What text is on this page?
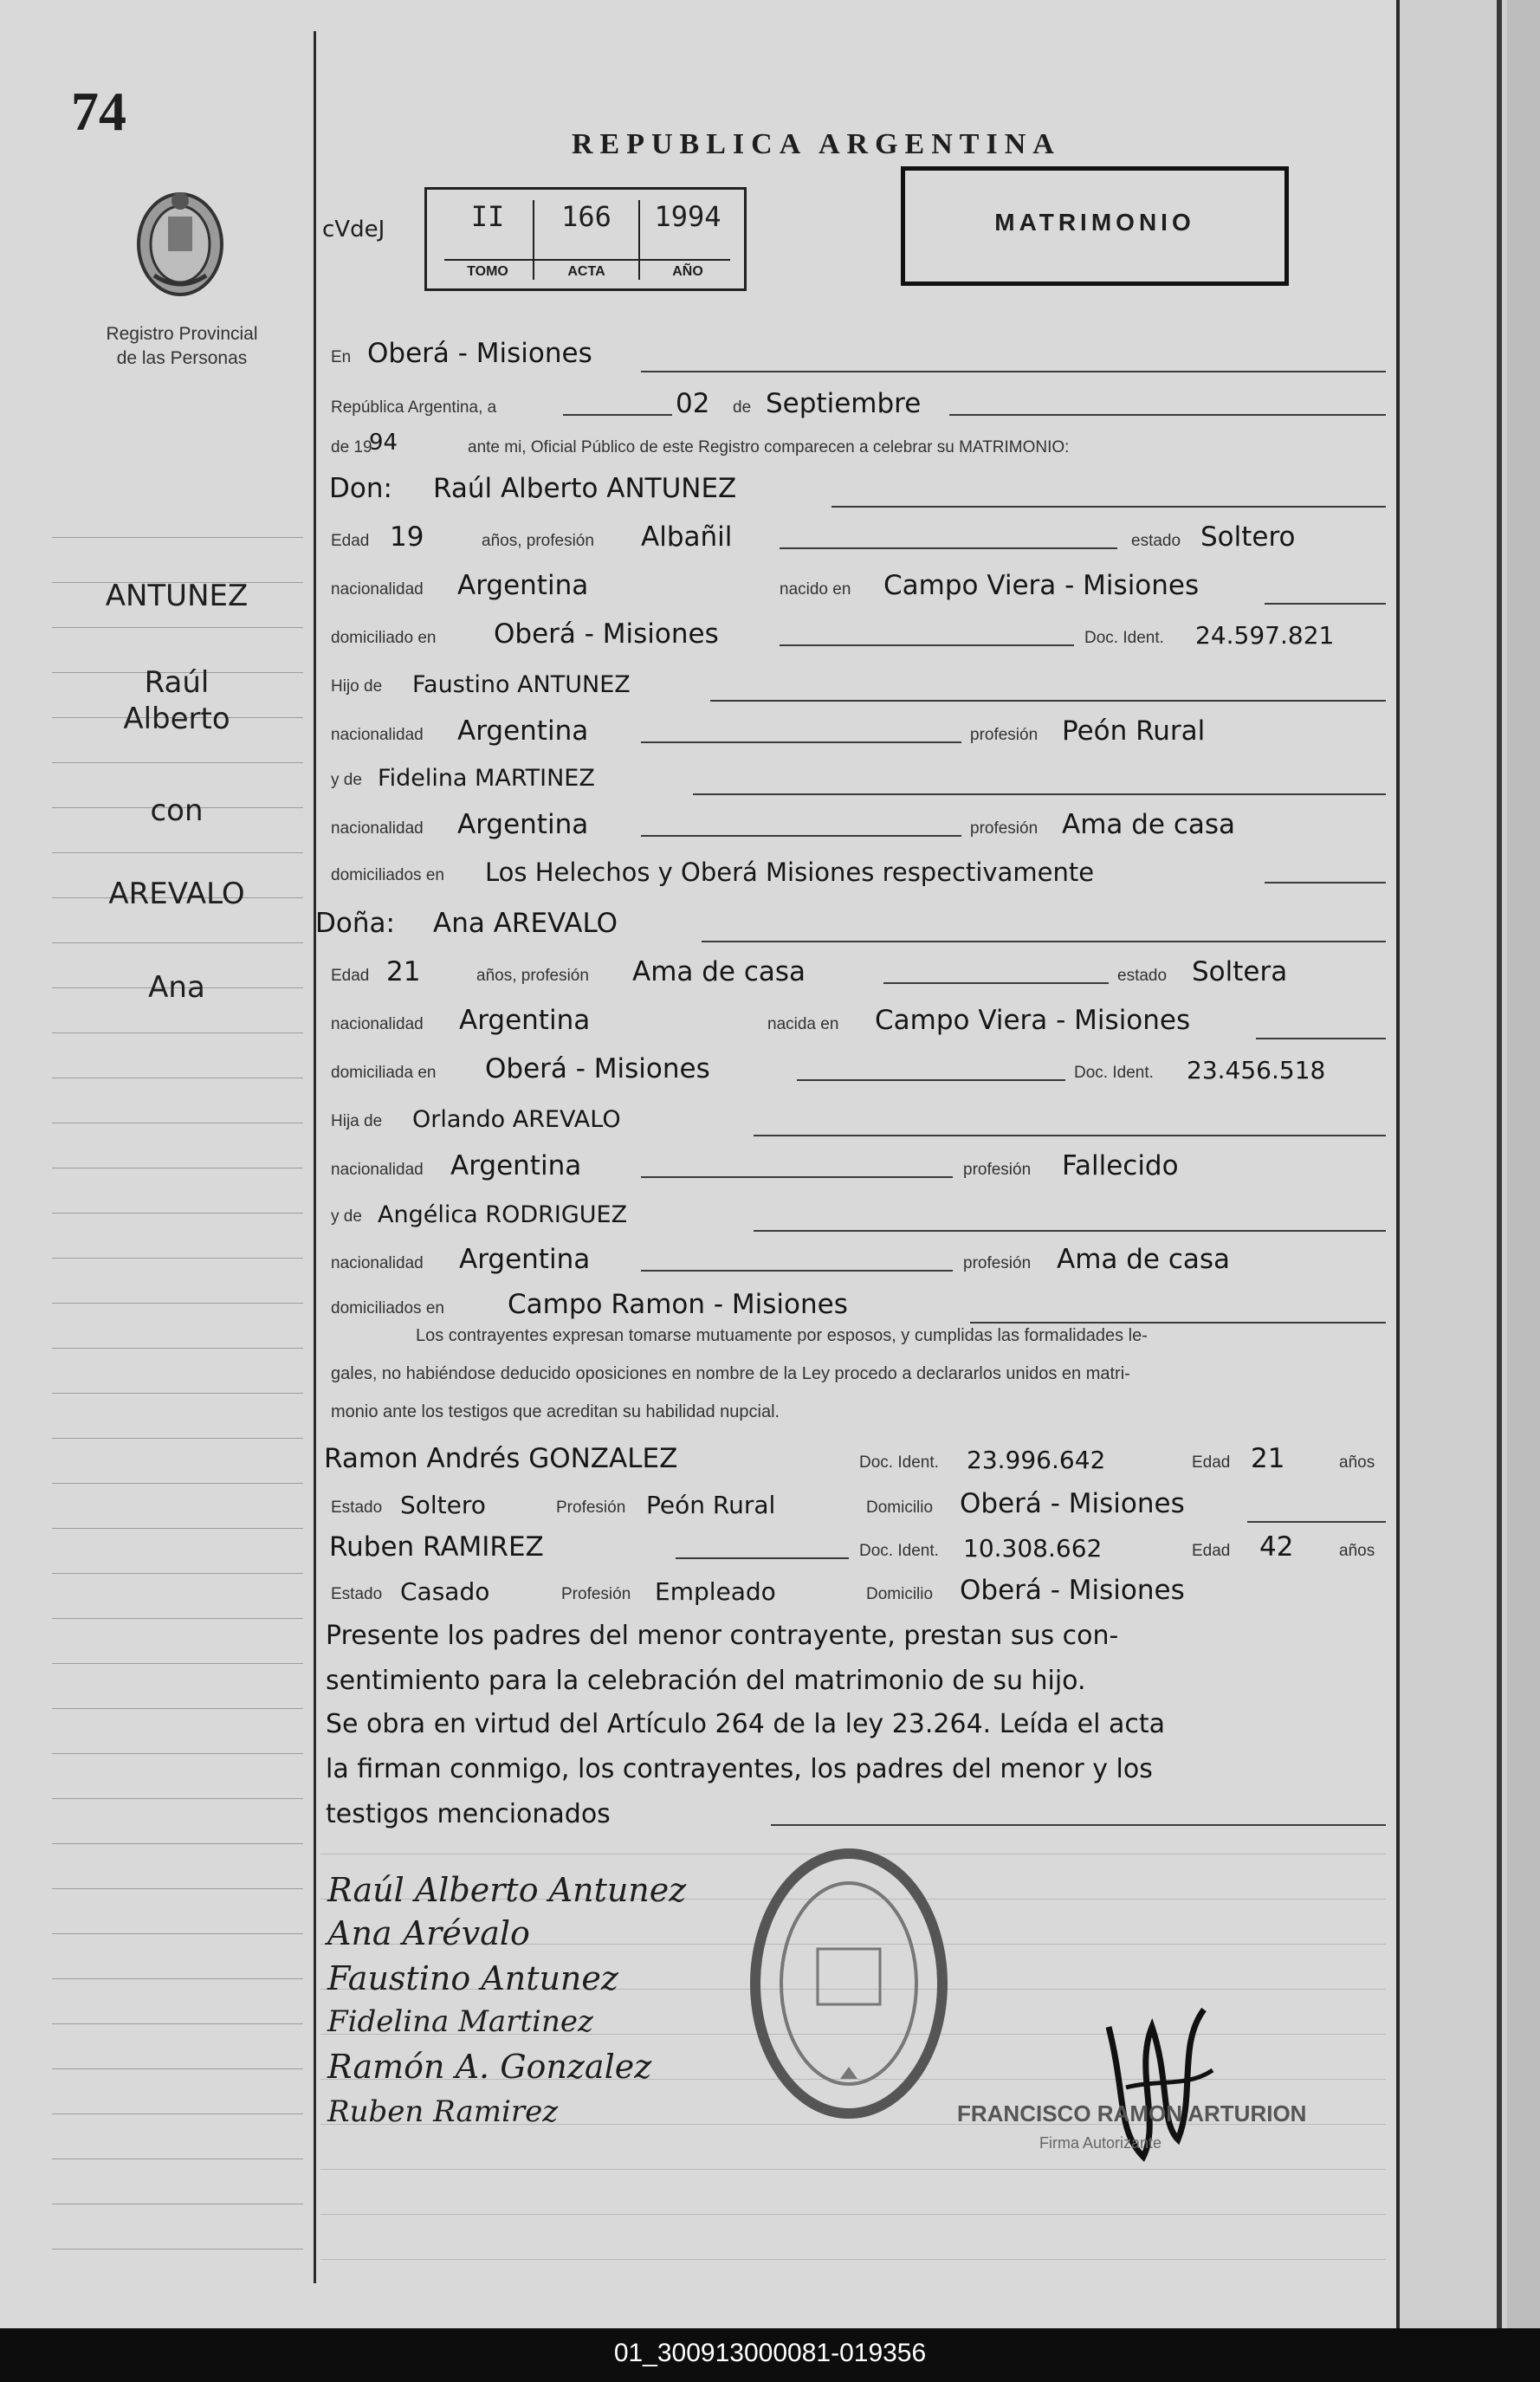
74
Registro Provincial
de las Personas
REPUBLICA ARGENTINA
cVdeJ	II	166	1994
TOMO	ACTA	AÑO
MATRIMONIO
ANTUNEZ
Raúl
Alberto
con
AREVALO
Ana
En Oberá - Misiones
República Argentina, a	02 de Septiembre
de 19
94	ante mi, Oficial Público de este Registro comparecen a celebrar su MATRIMONIO:
Don: Raúl Alberto ANTUNEZ
Edad 19	años, profesión Albañil	estado Soltero
nacionalidad Argentina	nacido en Campo Viera - Misiones
domiciliado en Oberá - Misiones	Doc. Ident. 24.597.821
Hijo de Faustino ANTUNEZ
nacionalidad Argentina	profesión Peón Rural
y de Fidelina MARTINEZ
nacionalidad Argentina	profesión Ama de casa
domiciliados en Los Helechos y Oberá Misiones respectivamente
Doña: Ana AREVALO
Edad 21	años, profesión Ama de casa	estado Soltera
nacionalidad Argentina	nacida en Campo Viera - Misiones
domiciliada en Oberá - Misiones	Doc. Ident. 23.456.518
Hija de Orlando AREVALO
nacionalidad Argentina	profesión Fallecido
y de Angélica RODRIGUEZ
nacionalidad Argentina	profesión Ama de casa
domiciliados en Campo Ramon - Misiones
Los contrayentes expresan tomarse mutuamente por esposos, y cumplidas las formalidades le-
gales, no habiéndose deducido oposiciones en nombre de la Ley procedo a declararlos unidos en matri-
monio ante los testigos que acreditan su habilidad nupcial.
Ramon Andrés GONZALEZ	Doc. Ident. 23.996.642	Edad 21	años
Estado Soltero	Profesión Peón Rural	Domicilio Oberá - Misiones
Ruben RAMIREZ	Doc. Ident. 10.308.662	Edad 42	años
Estado Casado	Profesión Empleado	Domicilio Oberá - Misiones
Presente los padres del menor contrayente, prestan sus con-
sentimiento para la celebración del matrimonio de su hijo.
Se obra en virtud del Artículo 264 de la ley 23.264. Leída el acta
la firman conmigo, los contrayentes, los padres del menor y los
testigos mencionados
Raúl Alberto Antunez
Ana Arévalo
Faustino Antunez
Fidelina Martinez
Ramón A. Gonzalez
Ruben Ramirez	FRANCISCO RAMON ARTURION
Firma Autorizante
01_300913000081-019356
